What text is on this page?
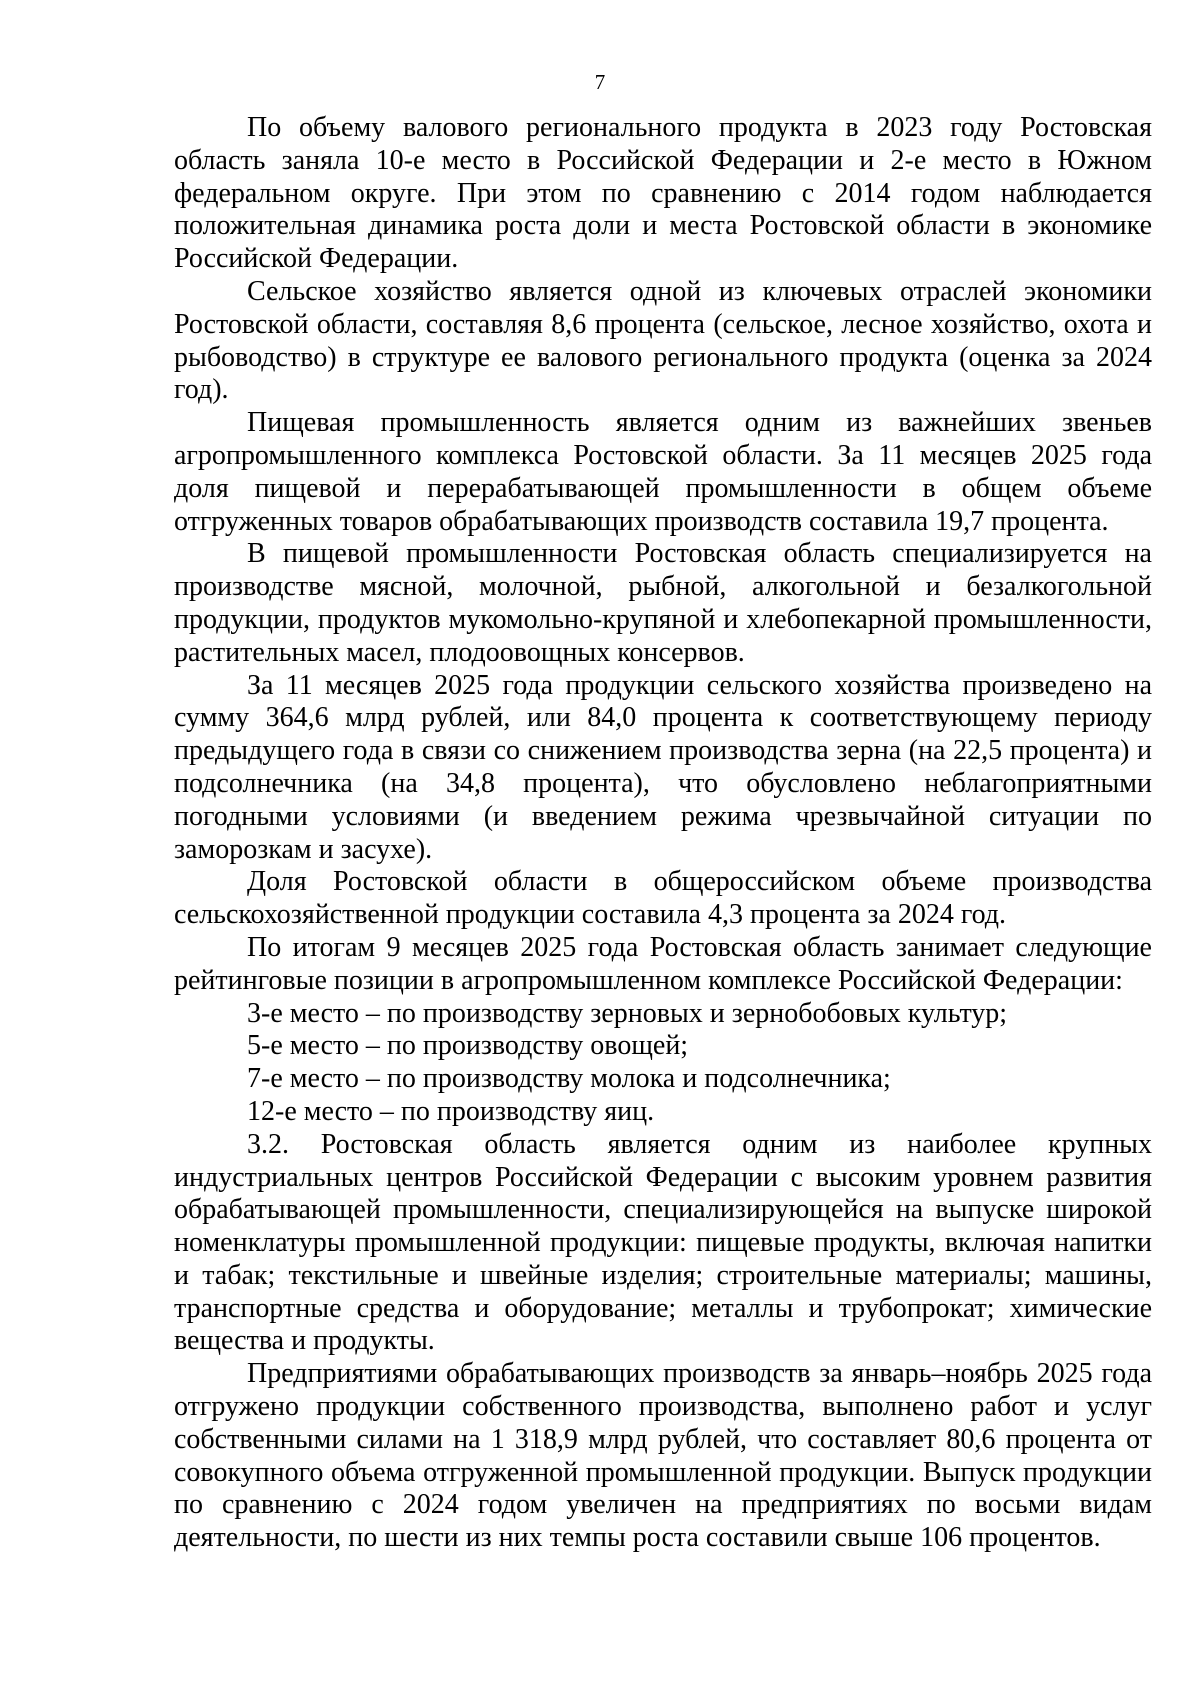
7

По объему валового регионального продукта в 2023 году Ростовская область заняла 10-е место в Российской Федерации и 2-е место в Южном федеральном округе. При этом по сравнению с 2014 годом наблюдается положительная динамика роста доли и места Ростовской области в экономике Российской Федерации.

Сельское хозяйство является одной из ключевых отраслей экономики Ростовской области, составляя 8,6 процента (сельское, лесное хозяйство, охота и рыбоводство) в структуре ее валового регионального продукта (оценка за 2024 год).

Пищевая промышленность является одним из важнейших звеньев агропромышленного комплекса Ростовской области. За 11 месяцев 2025 года доля пищевой и перерабатывающей промышленности в общем объеме отгруженных товаров обрабатывающих производств составила 19,7 процента.

В пищевой промышленности Ростовская область специализируется на производстве мясной, молочной, рыбной, алкогольной и безалкогольной продукции, продуктов мукомольно-крупяной и хлебопекарной промышленности, растительных масел, плодоовощных консервов.

За 11 месяцев 2025 года продукции сельского хозяйства произведено на сумму 364,6 млрд рублей, или 84,0 процента к соответствующему периоду предыдущего года в связи со снижением производства зерна (на 22,5 процента) и подсолнечника (на 34,8 процента), что обусловлено неблагоприятными погодными условиями (и введением режима чрезвычайной ситуации по заморозкам и засухе).

Доля Ростовской области в общероссийском объеме производства сельскохозяйственной продукции составила 4,3 процента за 2024 год.

По итогам 9 месяцев 2025 года Ростовская область занимает следующие рейтинговые позиции в агропромышленном комплексе Российской Федерации:

3-е место – по производству зерновых и зернобобовых культур;

5-е место – по производству овощей;

7-е место – по производству молока и подсолнечника;

12-е место – по производству яиц.

3.2. Ростовская область является одним из наиболее крупных индустриальных центров Российской Федерации с высоким уровнем развития обрабатывающей промышленности, специализирующейся на выпуске широкой номенклатуры промышленной продукции: пищевые продукты, включая напитки и табак; текстильные и швейные изделия; строительные материалы; машины, транспортные средства и оборудование; металлы и трубопрокат; химические вещества и продукты.

Предприятиями обрабатывающих производств за январь–ноябрь 2025 года отгружено продукции собственного производства, выполнено работ и услуг собственными силами на 1 318,9 млрд рублей, что составляет 80,6 процента от совокупного объема отгруженной промышленной продукции. Выпуск продукции по сравнению с 2024 годом увеличен на предприятиях по восьми видам деятельности, по шести из них темпы роста составили свыше 106 процентов.
